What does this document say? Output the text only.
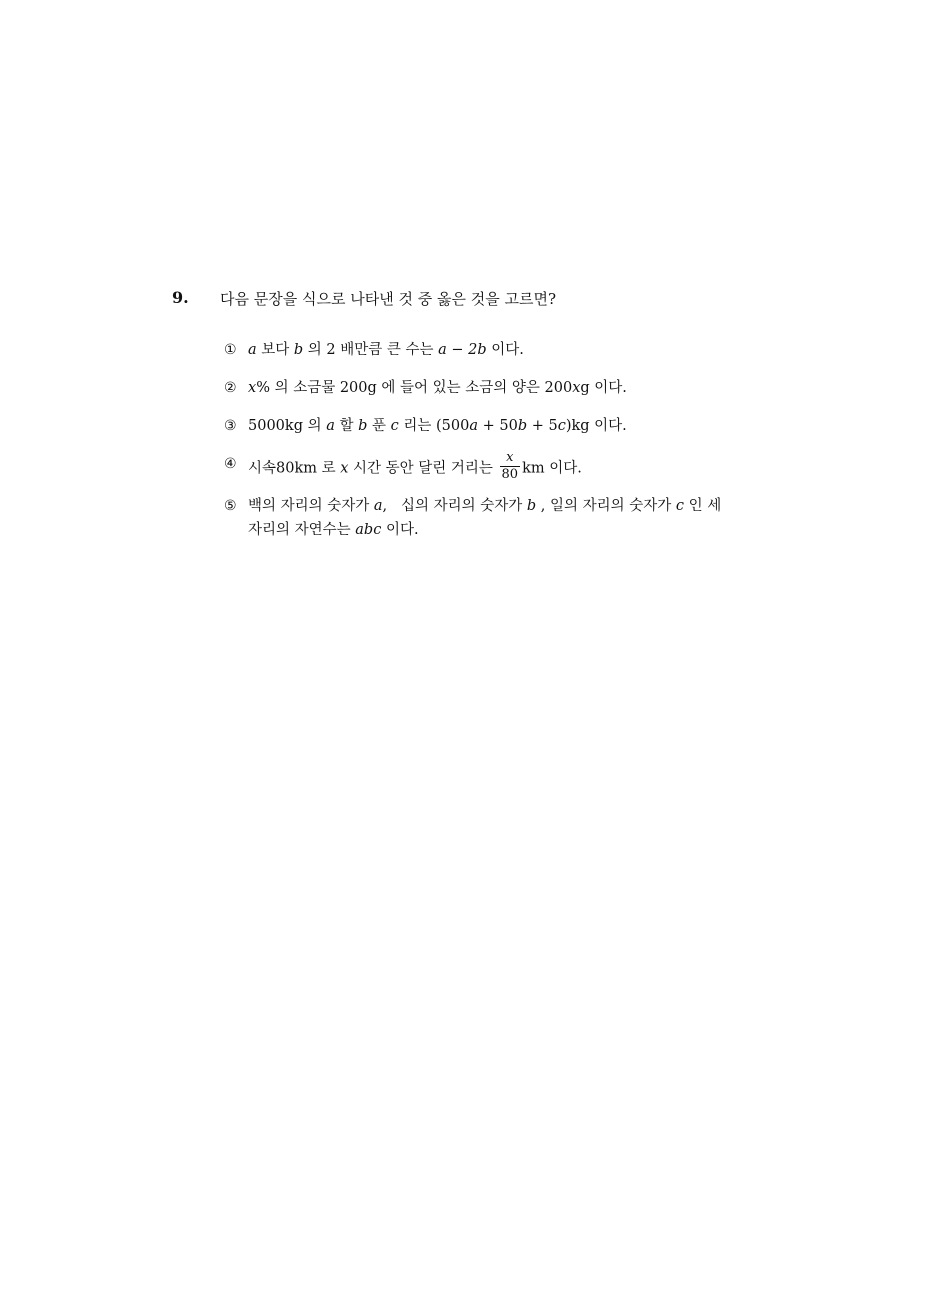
9. 다음 문장을 식으로 나타낸 것 중 옳은 것을 고르면?
① a 보다 b 의 2 배만큼 큰 수는 a − 2b 이다.
② x% 의 소금물 200g 에 들어 있는 소금의 양은 200xg 이다.
③ 5000kg 의 a 할 b 푼 c 리는 (500a + 50b + 5c)kg 이다.
④ 시속80km 로 x 시간 동안 달린 거리는 $\frac{x}{80}$ km 이다.
⑤ 백의 자리의 숫자가 a,   십의 자리의 숫자가 b , 일의 자리의 숫자가 c 인 세
자리의 자연수는 abc 이다.
